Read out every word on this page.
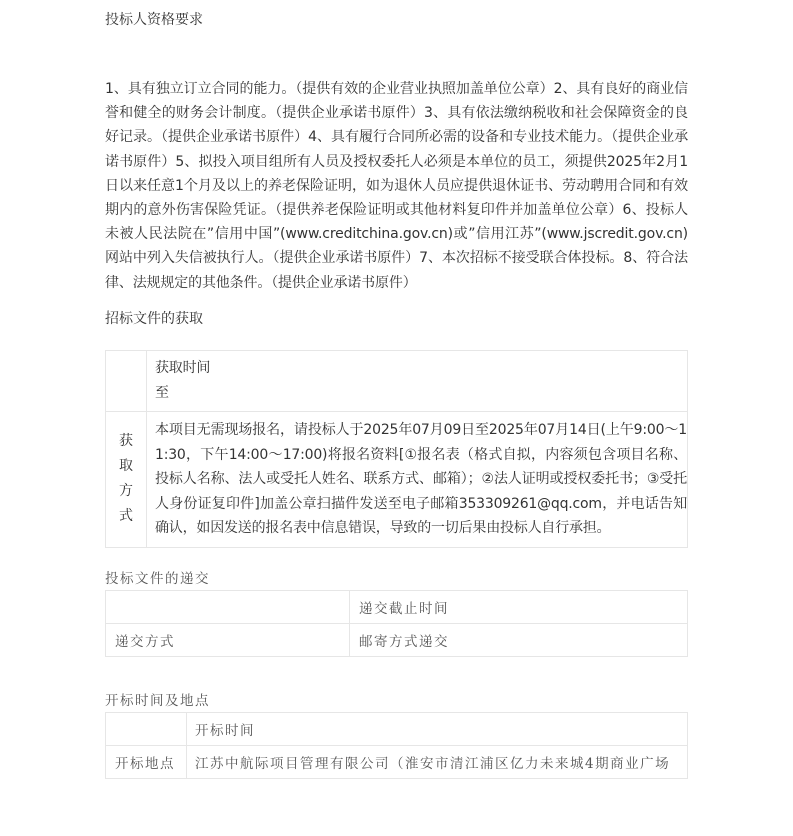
投标人资格要求
1、具有独立订立合同的能力。（提供有效的企业营业执照加盖单位公章）2、具有良好的商业信誉和健全的财务会计制度。（提供企业承诺书原件）3、具有依法缴纳税收和社会保障资金的良好记录。（提供企业承诺书原件）4、具有履行合同所必需的设备和专业技术能力。（提供企业承诺书原件）5、拟投入项目组所有人员及授权委托人必须是本单位的员工，须提供2025年2月1日以来任意1个月及以上的养老保险证明，如为退休人员应提供退休证书、劳动聘用合同和有效期内的意外伤害保险凭证。（提供养老保险证明或其他材料复印件并加盖单位公章）6、投标人未被人民法院在”信用中国”(www.creditchina.gov.cn)或”信用江苏”(www.jscredit.gov.cn)网站中列入失信被执行人。（提供企业承诺书原件）7、本次招标不接受联合体投标。8、符合法律、法规规定的其他条件。（提供企业承诺书原件）
招标文件的获取

	获取时间
至

获
取
方
式
	本项目无需现场报名，请投标人于2025年07月09日至2025年07月14日(上午9:00～11:30，下午14:00～17:00)将报名资料[①报名表（格式自拟，内容须包含项目名称、投标人名称、法人或受托人姓名、联系方式、邮箱）；②法人证明或授权委托书；③受托人身份证复印件]加盖公章扫描件发送至电子邮箱353309261@qq.com，并电话告知确认，如因发送的报名表中信息错误，导致的一切后果由投标人自行承担。
投标文件的递交
	递交截止时间
递交方式	邮寄方式递交
开标时间及地点
	开标时间
开标地点	江苏中航际项目管理有限公司（淮安市清江浦区亿力未来城4期商业广场
